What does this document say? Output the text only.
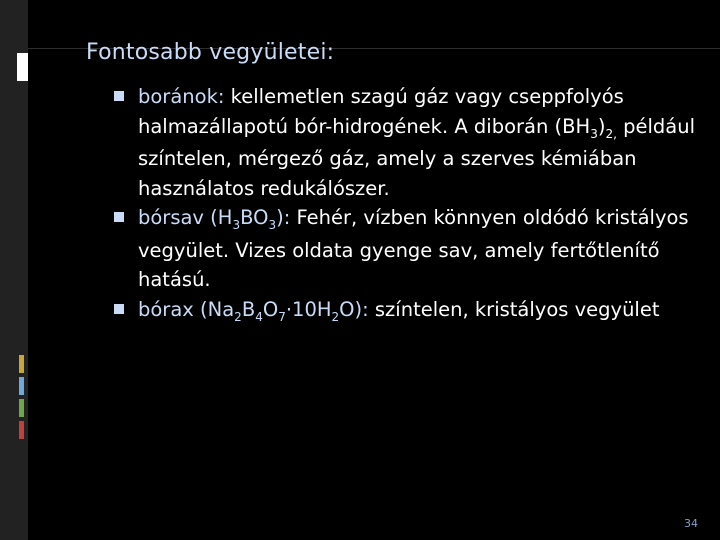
Fontosabb vegyületei:
boránok: kellemetlen szagú gáz vagy cseppfolyós halmazállapotú bór-hidrogének. A diborán $(BH_3)_{2,}$ például színtelen, mérgező gáz, amely a szerves kémiában használatos redukálószer.
bórsav $(H_3BO_3)$: Fehér, vízben könnyen oldódó kristályos vegyület. Vizes oldata gyenge sav, amely fertőtlenítő hatású.
bórax $(Na_2B_4O_7\cdot 10H_2O)$: színtelen, kristályos vegyület
34
